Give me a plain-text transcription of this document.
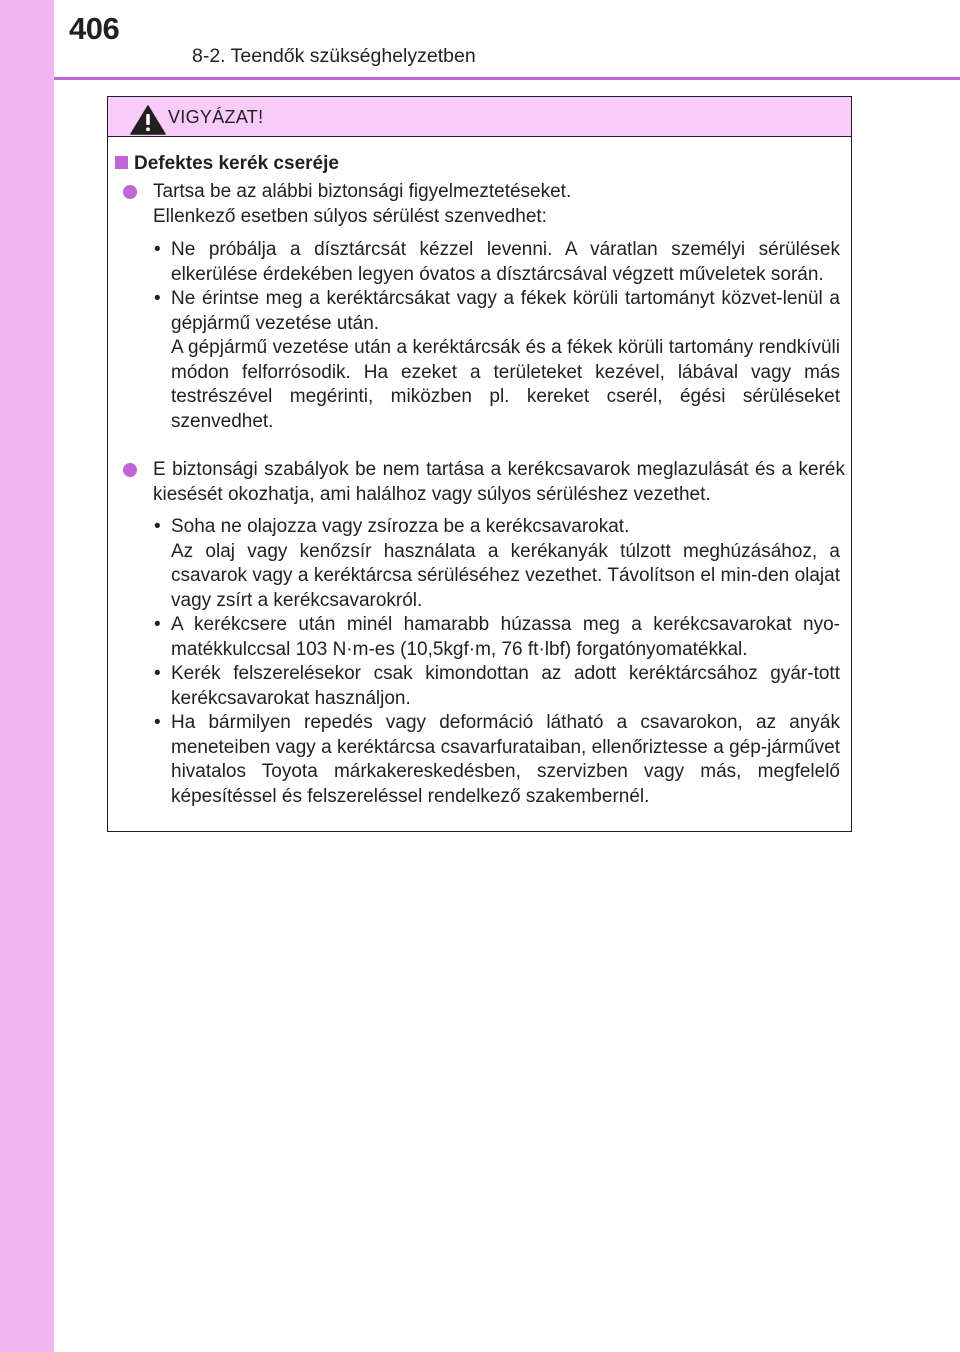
406
8-2. Teendők szükséghelyzetben
VIGYÁZAT!
Defektes kerék cseréje
Tartsa be az alábbi biztonsági figyelmeztetéseket.
Ellenkező esetben súlyos sérülést szenvedhet:
• Ne próbálja a dísztárcsát kézzel levenni. A váratlan személyi sérülések elkerülése érdekében legyen óvatos a dísztárcsával végzett műveletek során.
• Ne érintse meg a keréktárcsákat vagy a fékek körüli tartományt közvet-lenül a gépjármű vezetése után.
A gépjármű vezetése után a keréktárcsák és a fékek körüli tartomány rendkívüli módon felforrósodik. Ha ezeket a területeket kezével, lábával vagy más testrészével megérinti, miközben pl. kereket cserél, égési sérüléseket szenvedhet.
E biztonsági szabályok be nem tartása a kerékcsavarok meglazulását és a kerék kiesését okozhatja, ami halálhoz vagy súlyos sérüléshez vezethet.
• Soha ne olajozza vagy zsírozza be a kerékcsavarokat.
Az olaj vagy kenőzsír használata a kerékanyák túlzott meghúzásához, a csavarok vagy a keréktárcsa sérüléséhez vezethet. Távolítson el min-den olajat vagy zsírt a kerékcsavarokról.
• A kerékcsere után minél hamarabb húzassa meg a kerékcsavarokat nyo-matékkulccsal 103 N·m-es (10,5kgf·m, 76 ft·lbf) forgatónyomatékkal.
• Kerék felszerelésekor csak kimondottan az adott keréktárcsához gyár-tott kerékcsavarokat használjon.
• Ha bármilyen repedés vagy deformáció látható a csavarokon, az anyák meneteiben vagy a keréktárcsa csavarfurataiban, ellenőriztesse a gép-járművet hivatalos Toyota márkakereskedésben, szervizben vagy más, megfelelő képesítéssel és felszereléssel rendelkező szakembernél.
